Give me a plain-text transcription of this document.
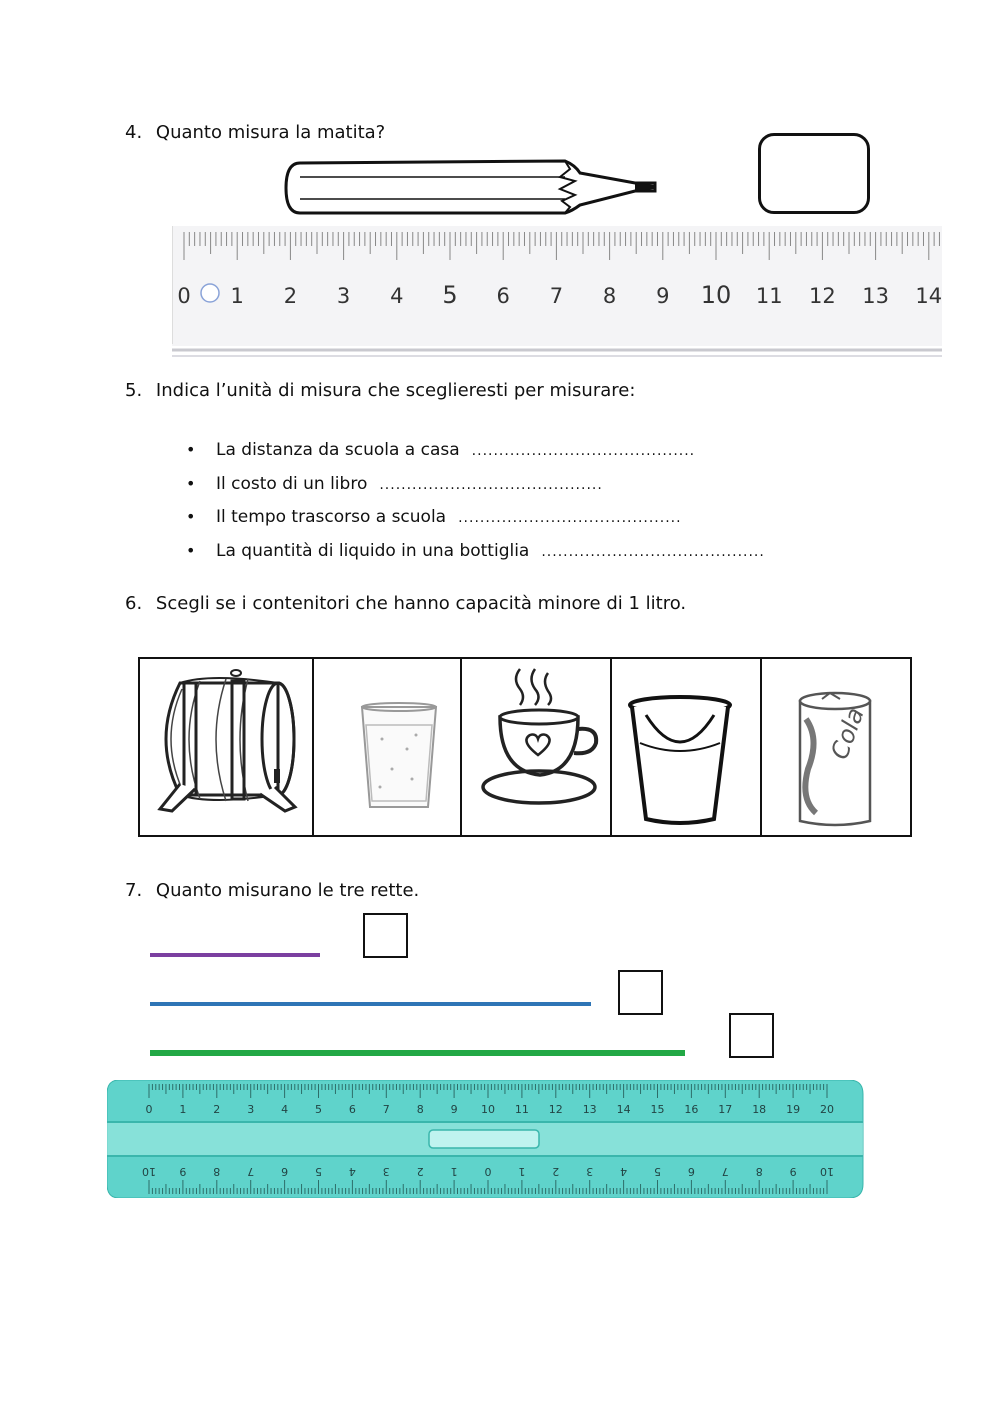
4. Quanto misura la matita?
0 1 2 3 4 5 6 7 8 9 10 11 12 13 14
5. Indica l’unità di misura che sceglieresti per misurare:
•	La distanza da scuola a casa .........................................
•	Il costo di un libro .........................................
•	Il tempo trascorso a scuola .........................................
•	La quantità di liquido in una bottiglia .........................................
6. Scegli se i contenitori che hanno capacità minore di 1 litro.
Cola
7. Quanto misurano le tre rette.
0 1 2 3 4 5 6 7 8 9 10 11 12 13 14 15 16 17 18 19 20
10 9 8 7 6 5 4 3 2 1 0 1 2 3 4 5 6 7 8 9 10
